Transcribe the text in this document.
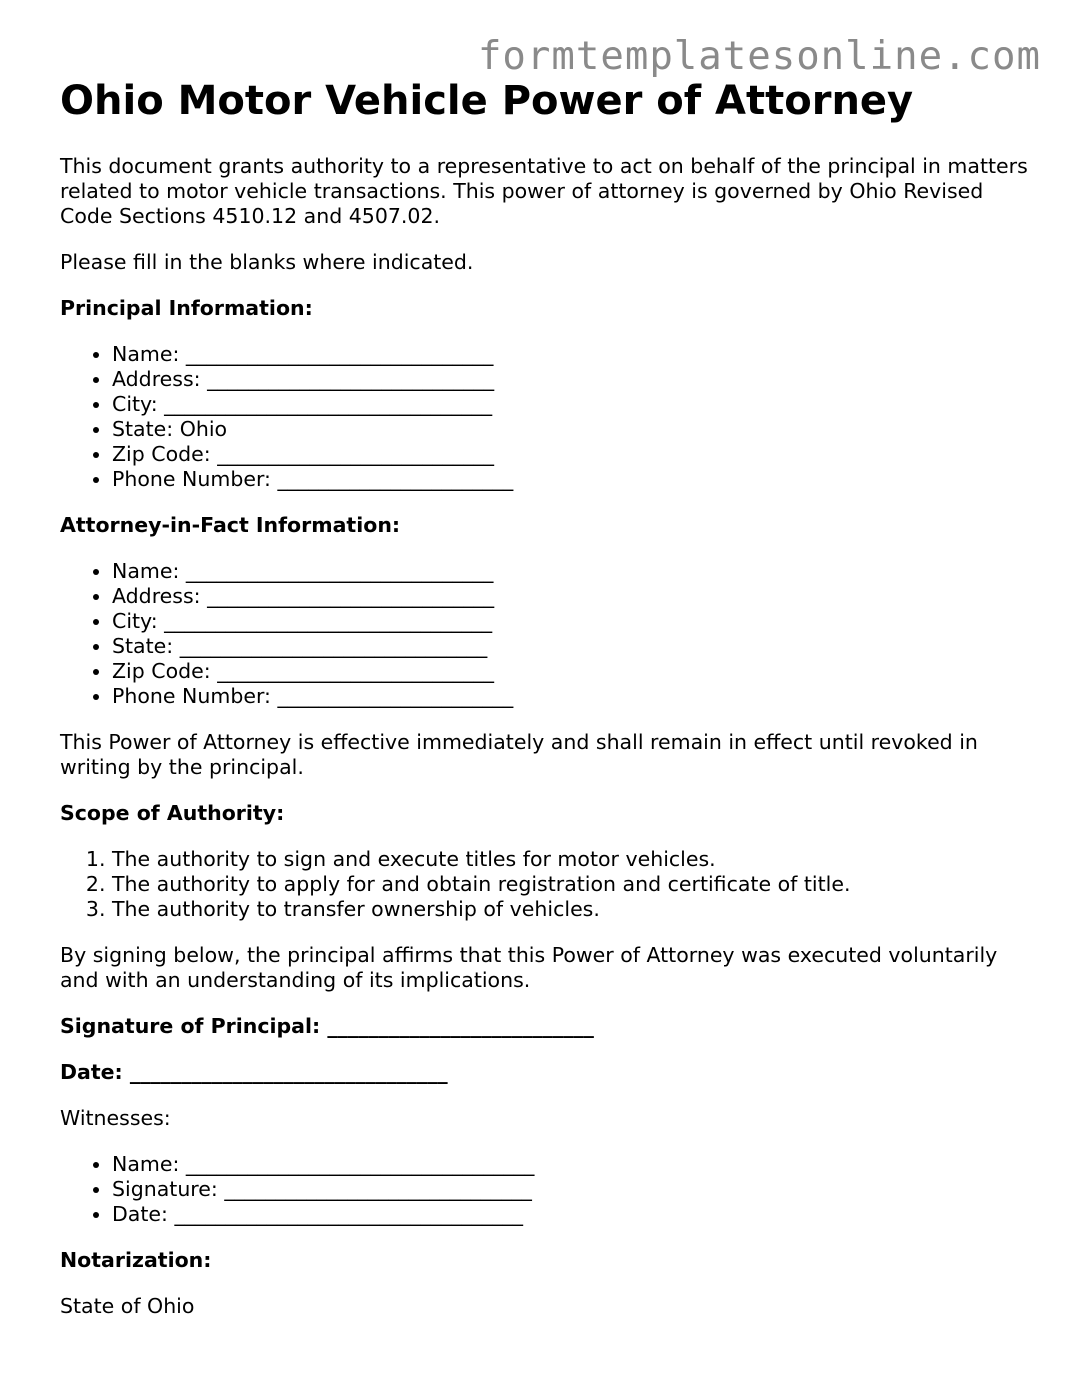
formtemplatesonline.com
Ohio Motor Vehicle Power of Attorney

This document grants authority to a representative to act on behalf of the principal in matters related to motor vehicle transactions. This power of attorney is governed by Ohio Revised Code Sections 4510.12 and 4507.02.

Please fill in the blanks where indicated.

Principal Information:

• Name: ______________________________
• Address: ____________________________
• City: ________________________________
• State: Ohio
• Zip Code: ___________________________
• Phone Number: _______________________

Attorney-in-Fact Information:

• Name: ______________________________
• Address: ____________________________
• City: ________________________________
• State: ______________________________
• Zip Code: ___________________________
• Phone Number: _______________________

This Power of Attorney is effective immediately and shall remain in effect until revoked in writing by the principal.

Scope of Authority:

1. The authority to sign and execute titles for motor vehicles.
2. The authority to apply for and obtain registration and certificate of title.
3. The authority to transfer ownership of vehicles.

By signing below, the principal affirms that this Power of Attorney was executed voluntarily and with an understanding of its implications.

Signature of Principal: __________________________

Date: _______________________________

Witnesses:

• Name: __________________________________
• Signature: ______________________________
• Date: __________________________________

Notarization:

State of Ohio
